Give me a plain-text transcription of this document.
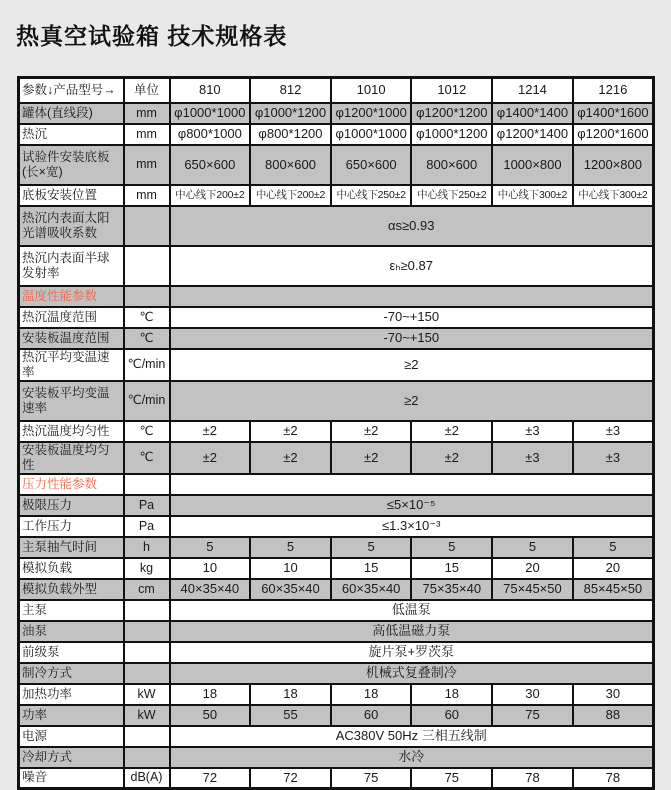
热真空试验箱 技术规格表
参数↓产品型号→	单位	810	812	1010	1012	1214	1216
罐体(直线段)	mm	φ1000*1000	φ1000*1200	φ1200*1000	φ1200*1200	φ1400*1400	φ1400*1600
热沉	mm	φ800*1000	φ800*1200	φ1000*1000	φ1000*1200	φ1200*1400	φ1200*1600
试验件安装底板(长×宽)	mm	650×600	800×600	650×600	800×600	1000×800	1200×800
底板安装位置	mm	中心线下200±2	中心线下200±2	中心线下250±2	中心线下250±2	中心线下300±2	中心线下300±2
热沉内表面太阳光谱吸收系数		αs≥0.93					
热沉内表面半球发射率		εₕ≥0.87					
温度性能参数							
热沉温度范围	℃	-70~+150					
安装板温度范围	℃	-70~+150					
热沉平均变温速率	℃/min	≥2					
安装板平均变温速率	℃/min	≥2					
热沉温度均匀性	℃	±2	±2	±2	±2	±3	±3
安装板温度均匀性	℃	±2	±2	±2	±2	±3	±3
压力性能参数							
极限压力	Pa	≤5×10⁻⁵					
工作压力	Pa	≤1.3×10⁻³					
主泵抽气时间	h	5	5	5	5	5	5
模拟负载	kg	10	10	15	15	20	20
模拟负载外型	cm	40×35×40	60×35×40	60×35×40	75×35×40	75×45×50	85×45×50
主泵		低温泵					
油泵		高低温磁力泵					
前级泵		旋片泵+罗茨泵					
制冷方式		机械式复叠制冷					
加热功率	kW	18	18	18	18	30	30
功率	kW	50	55	60	60	75	88
电源		AC380V 50Hz 三相五线制					
冷却方式		水冷					
噪音	dB(A)	72	72	75	75	78	78
